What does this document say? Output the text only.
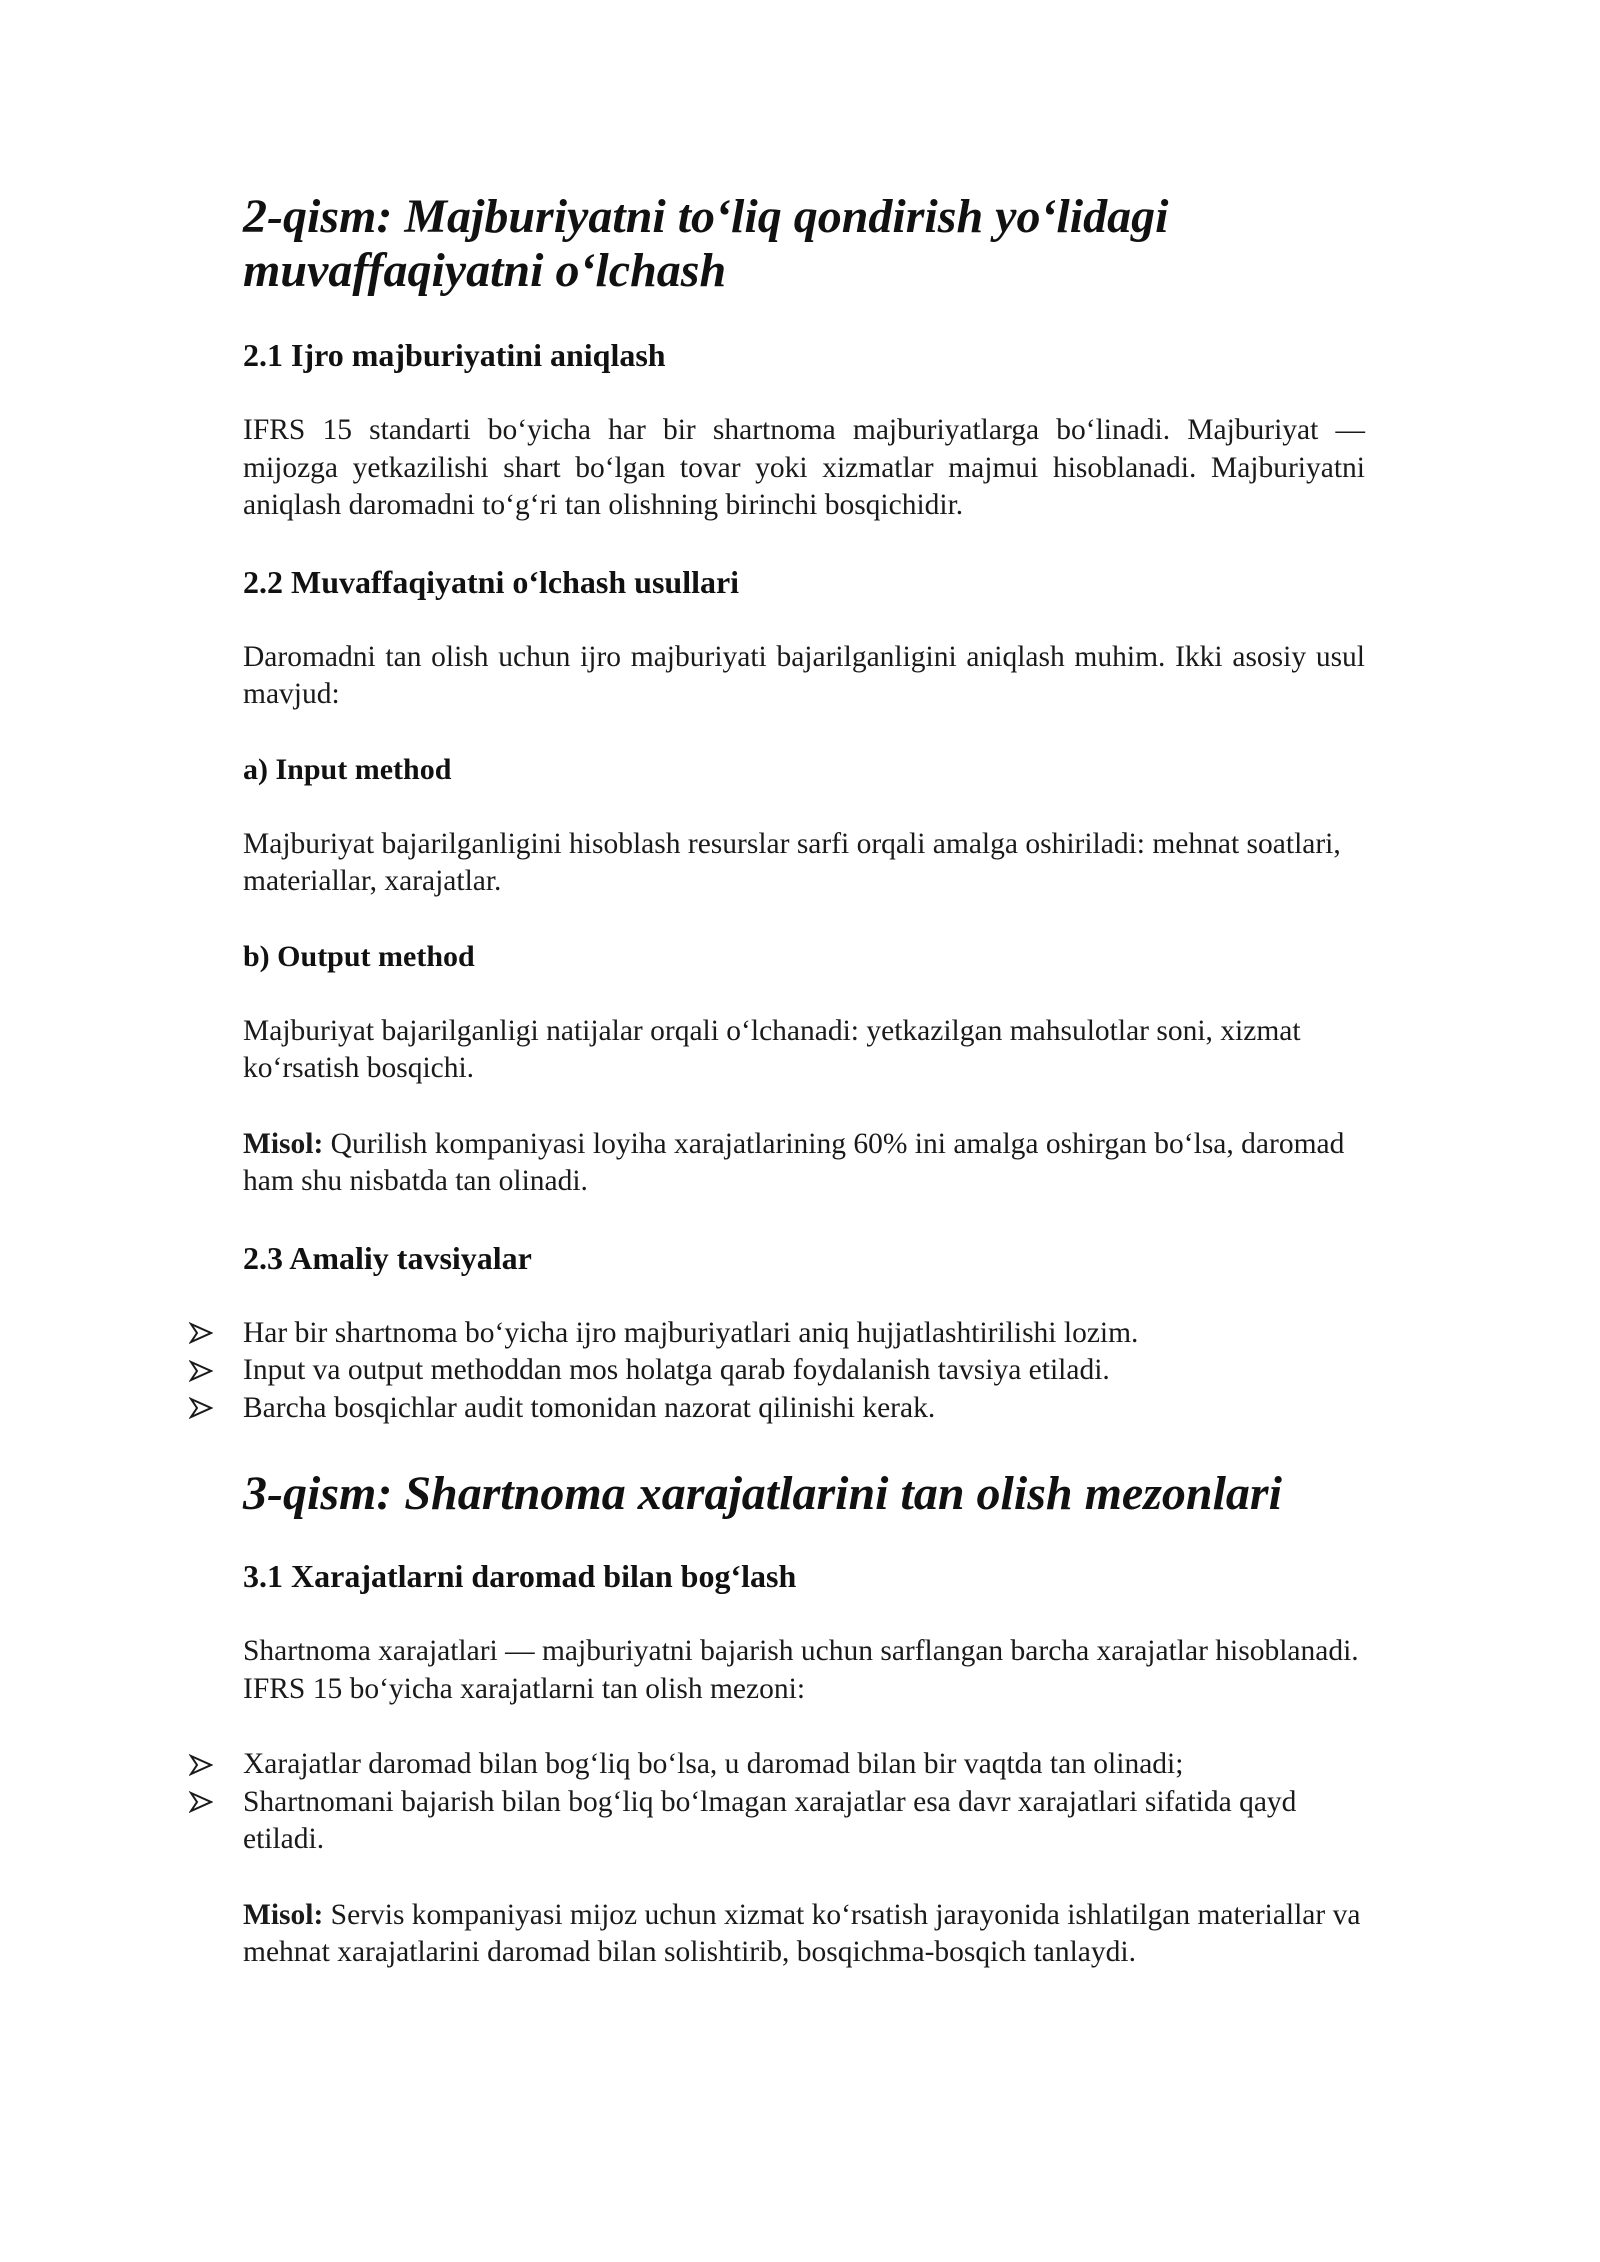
2-qism: Majburiyatni to‘liq qondirish yo‘lidagi
muvaffaqiyatni o‘lchash
2.1 Ijro majburiyatini aniqlash

IFRS 15 standarti bo‘yicha har bir shartnoma majburiyatlarga bo‘linadi. Majburiyat — mijozga yetkazilishi shart bo‘lgan tovar yoki xizmatlar majmui hisoblanadi. Majburiyatni aniqlash daromadni to‘g‘ri tan olishning birinchi bosqichidir.

2.2 Muvaffaqiyatni o‘lchash usullari

Daromadni tan olish uchun ijro majburiyati bajarilganligini aniqlash muhim. Ikki asosiy usul mavjud:

a) Input method

Majburiyat bajarilganligini hisoblash resurslar sarfi orqali amalga oshiriladi: mehnat soatlari, materiallar, xarajatlar.

b) Output method

Majburiyat bajarilganligi natijalar orqali o‘lchanadi: yetkazilgan mahsulotlar soni, xizmat ko‘rsatish bosqichi.

Misol: Qurilish kompaniyasi loyiha xarajatlarining 60% ini amalga oshirgan bo‘lsa, daromad ham shu nisbatda tan olinadi.

2.3 Amaliy tavsiyalar
Har bir shartnoma bo‘yicha ijro majburiyatlari aniq hujjatlashtirilishi lozim.
Input va output methoddan mos holatga qarab foydalanish tavsiya etiladi.
Barcha bosqichlar audit tomonidan nazorat qilinishi kerak.
3-qism: Shartnoma xarajatlarini tan olish mezonlari
3.1 Xarajatlarni daromad bilan bog‘lash

Shartnoma xarajatlari — majburiyatni bajarish uchun sarflangan barcha xarajatlar hisoblanadi. IFRS 15 bo‘yicha xarajatlarni tan olish mezoni:

Xarajatlar daromad bilan bog‘liq bo‘lsa, u daromad bilan bir vaqtda tan olinadi;
Shartnomani bajarish bilan bog‘liq bo‘lmagan xarajatlar esa davr xarajatlari sifatida qayd etiladi.

Misol: Servis kompaniyasi mijoz uchun xizmat ko‘rsatish jarayonida ishlatilgan materiallar va mehnat xarajatlarini daromad bilan solishtirib, bosqichma-bosqich tanlaydi.
